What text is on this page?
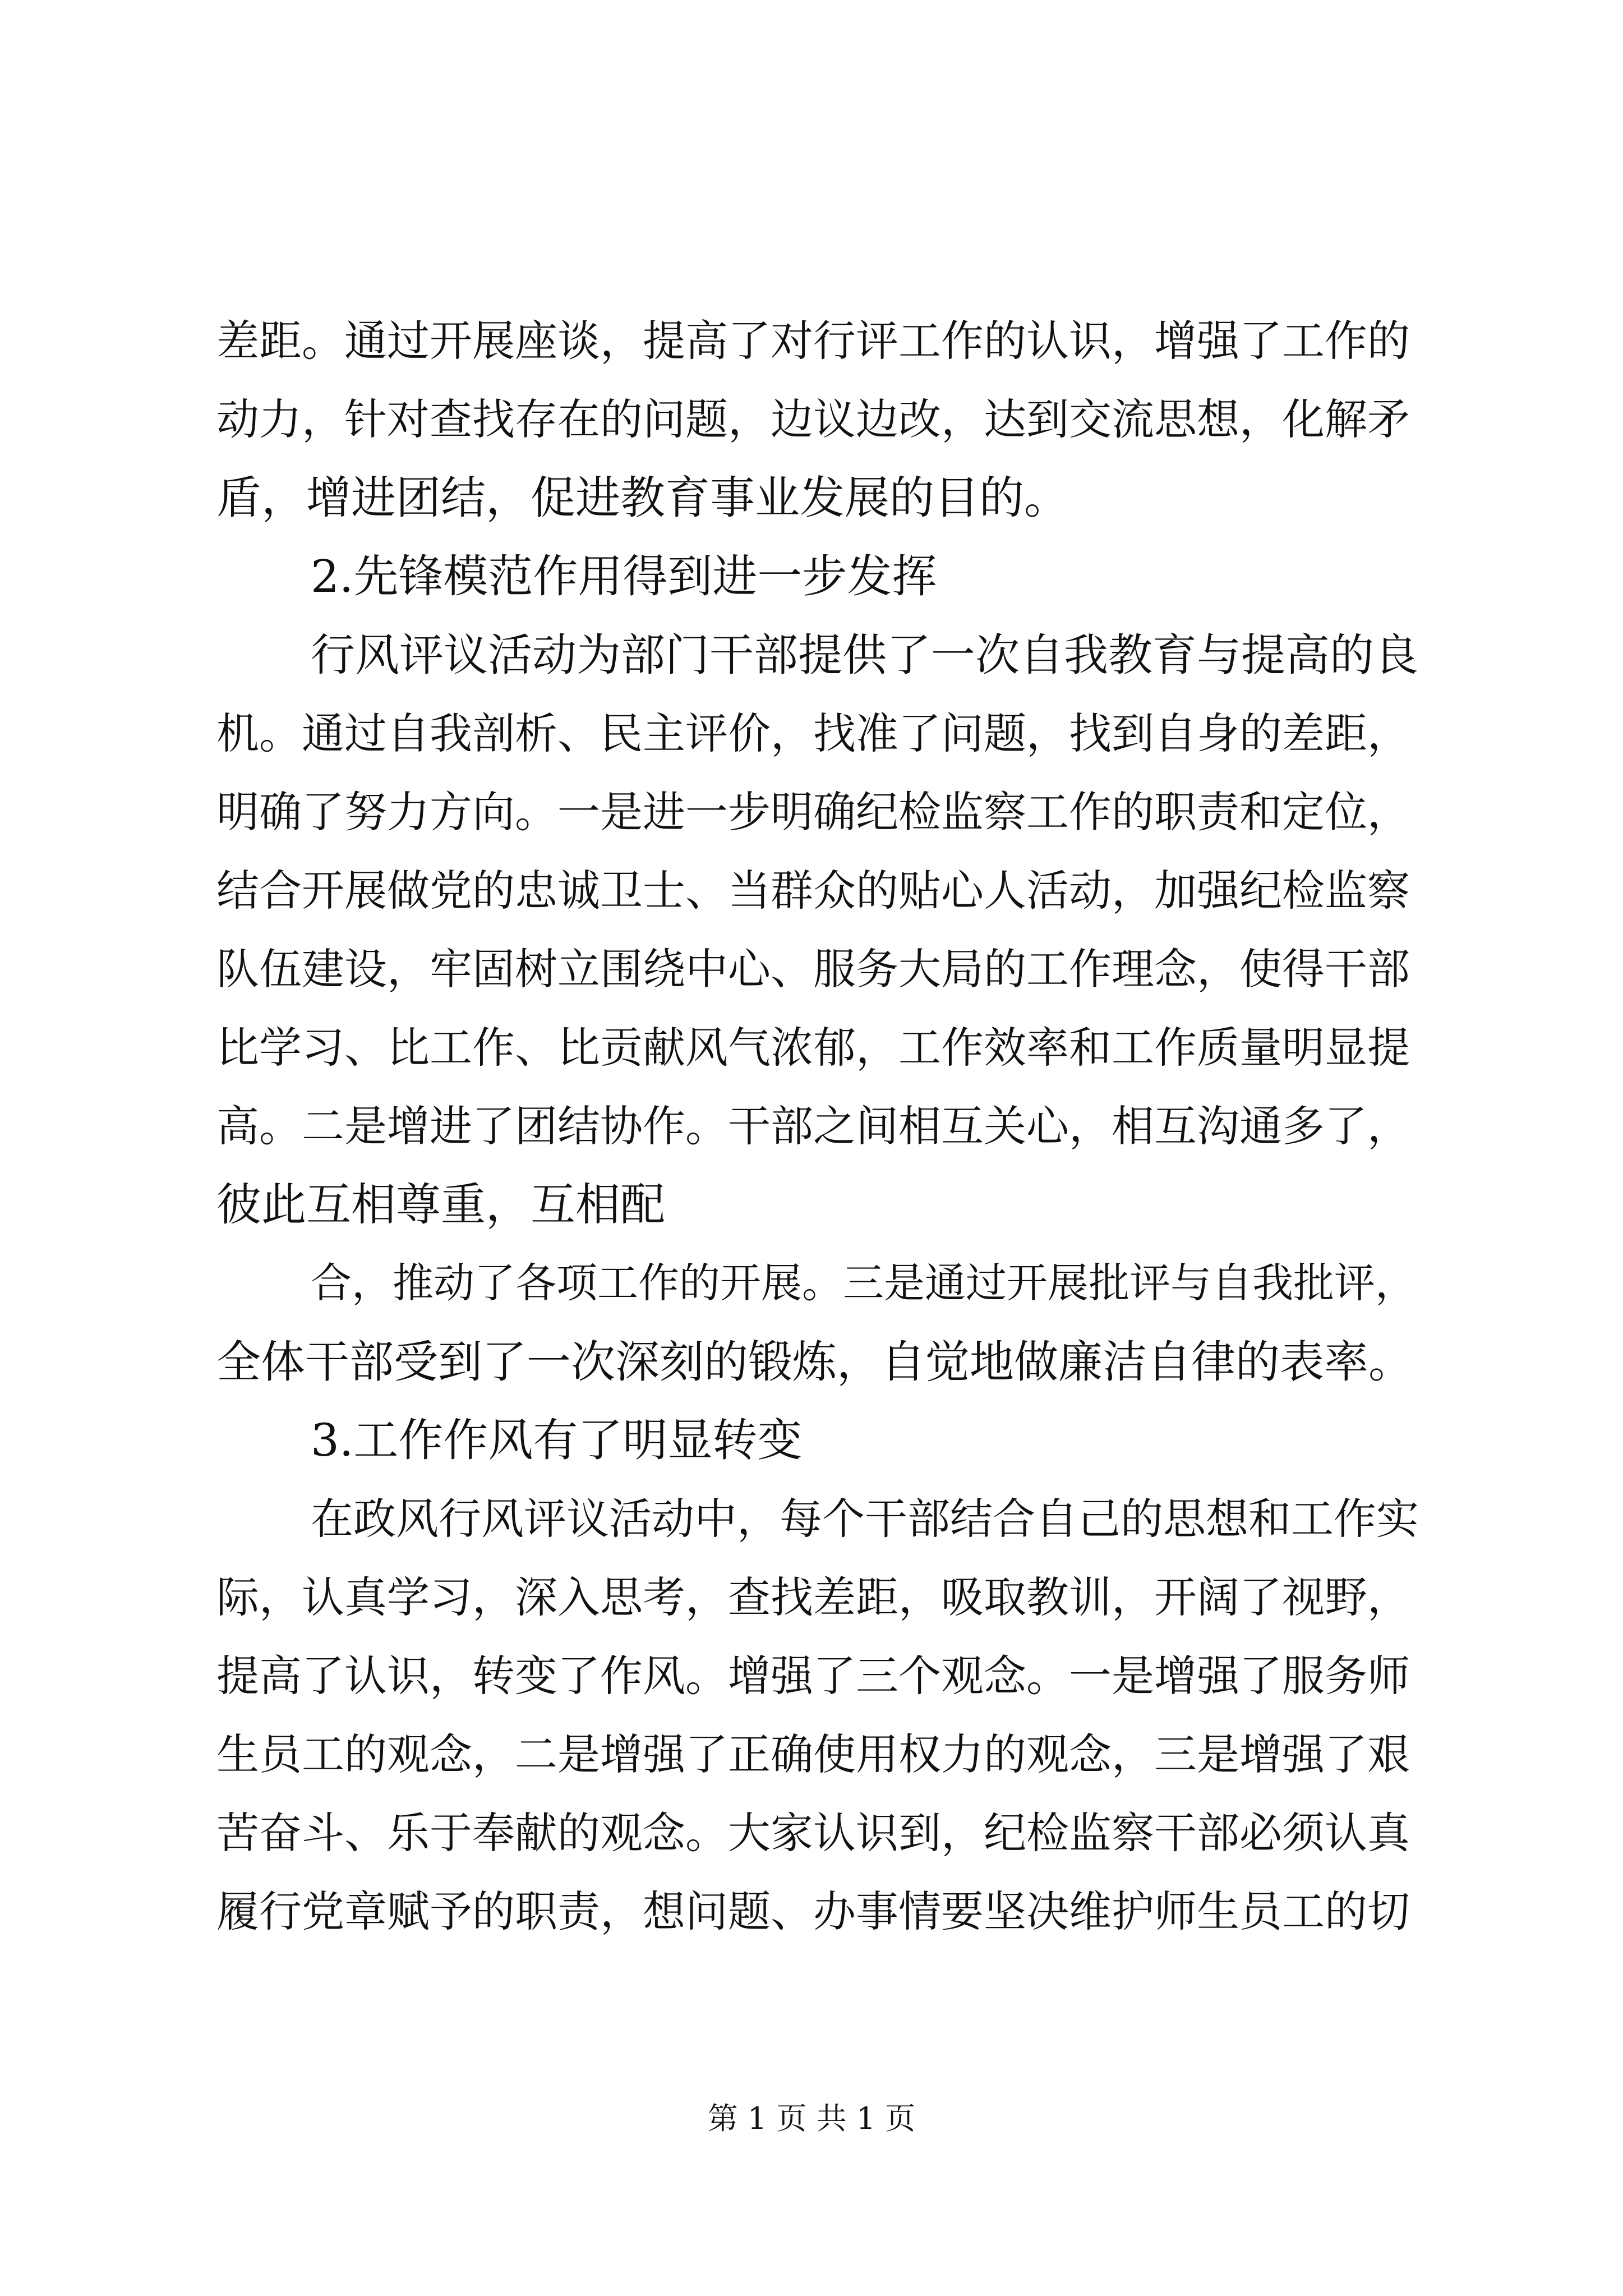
差距。通过开展座谈，提高了对行评工作的认识，增强了工作的
动力，针对查找存在的问题，边议边改，达到交流思想，化解矛
盾，增进团结，促进教育事业发展的目的。
2.先锋模范作用得到进一步发挥
行风评议活动为部门干部提供了一次自我教育与提高的良
机。通过自我剖析、民主评价，找准了问题，找到自身的差距，
明确了努力方向。一是进一步明确纪检监察工作的职责和定位，
结合开展做党的忠诚卫士、当群众的贴心人活动，加强纪检监察
队伍建设，牢固树立围绕中心、服务大局的工作理念，使得干部
比学习、比工作、比贡献风气浓郁，工作效率和工作质量明显提
高。二是增进了团结协作。干部之间相互关心，相互沟通多了，
彼此互相尊重，互相配
合，推动了各项工作的开展。三是通过开展批评与自我批评，
全体干部受到了一次深刻的锻炼，自觉地做廉洁自律的表率。
3.工作作风有了明显转变
在政风行风评议活动中，每个干部结合自己的思想和工作实
际，认真学习，深入思考，查找差距，吸取教训，开阔了视野，
提高了认识，转变了作风。增强了三个观念。一是增强了服务师
生员工的观念，二是增强了正确使用权力的观念，三是增强了艰
苦奋斗、乐于奉献的观念。大家认识到，纪检监察干部必须认真
履行党章赋予的职责，想问题、办事情要坚决维护师生员工的切
第 1 页 共 1 页
